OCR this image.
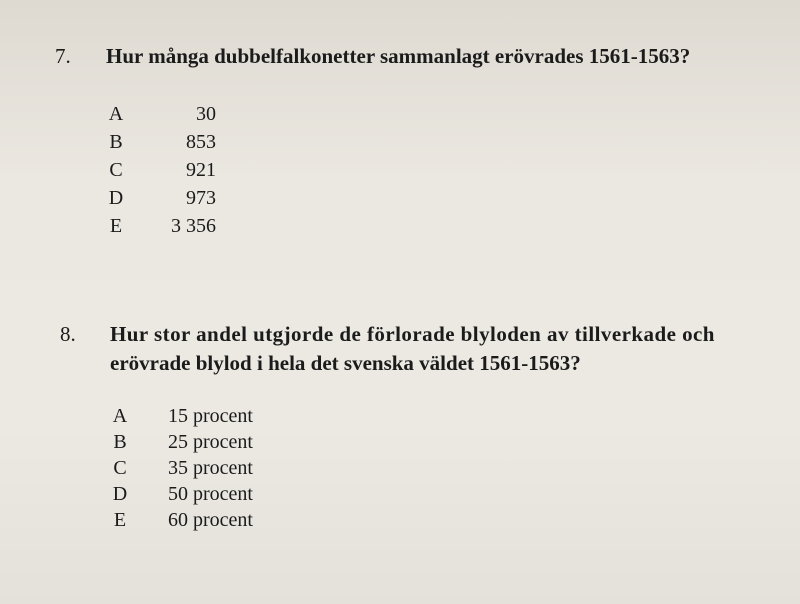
7. Hur många dubbelfalkonetter sammanlagt erövrades 1561-1563?
A	30
B	853
C	921
D	973
E	3 356
8. Hur stor andel utgjorde de förlorade blyloden av tillverkade och
erövrade blylod i hela det svenska väldet 1561-1563?
A 15 procent
B 25 procent
C 35 procent
D 50 procent
E 60 procent
